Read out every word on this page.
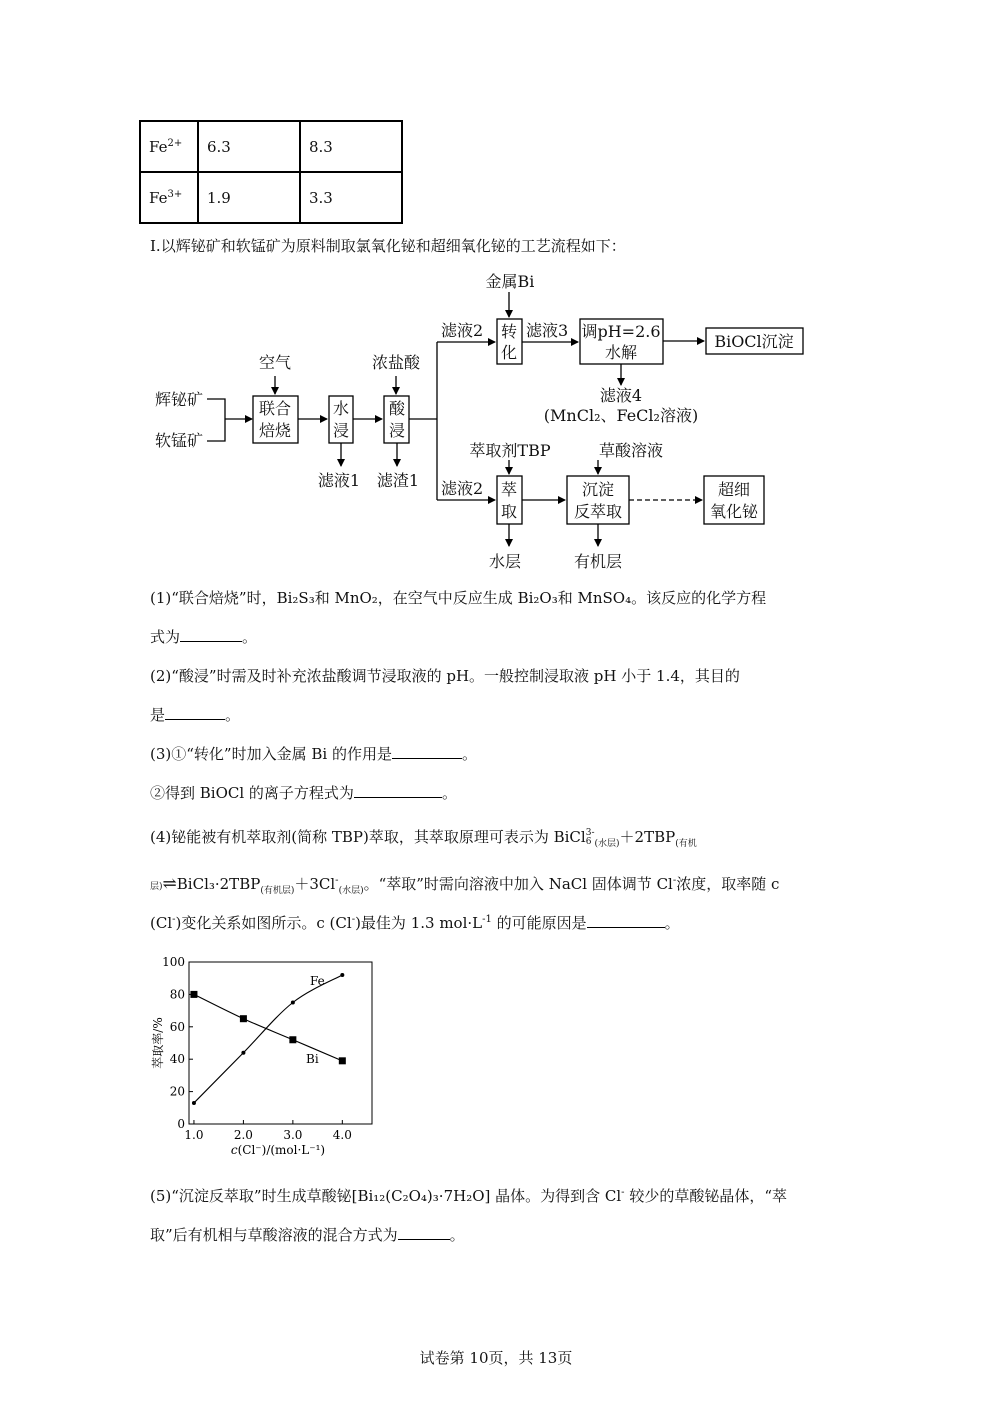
$Fe^{2+}$	6.3	8.3
$Fe^{3+}$	1.9	3.3
I.以辉铋矿和软锰矿为原料制取氯氧化铋和超细氧化铋的工艺流程如下：
辉铋矿
软锰矿
空气
联合
焙烧
水
浸
浓盐酸
酸
浸
滤液1 滤渣1
金属Bi
滤液2 转
化
滤液3 调pH=2.6
水解
BiOCl沉淀
滤液4
(MnCl₂、FeCl₂溶液)
萃取剂TBP	草酸溶液
滤液2 萃
取
沉淀
反萃取
超细
氧化铋
水层	有机层
(1)“联合焙烧”时，Bi₂S₃和 MnO₂，在空气中反应生成 Bi₂O₃和 MnSO₄。该反应的化学方程
式为	。
(2)“酸浸”时需及时补充浓盐酸调节浸取液的 pH。一般控制浸取液 pH 小于 1.4，其目的
是	。
(3)①“转化”时加入金属 Bi 的作用是	。
②得到 BiOCl 的离子方程式为	。
(4)铋能被有机萃取剂(简称 TBP)萃取，其萃取原理可表示为 BiCl 3-
6 $_{(水层)}+2TBP_{(有机}$
层)$\rightleftharpoons BiCl_3\cdot 2TBP_{(有机层)}+3Cl^-_{(水层)}$。“萃取”时需向溶液中加入 NaCl 固体调节 Cl-浓度，取率随 c
(Cl-)变化关系如图所示。c (Cl-)最佳为 1.3 $mol\cdot L^{-1}$ 的可能原因是	。
0
20
40
60
80
100
1.0	2.0	3.0	4.0
Fe
Bi
萃取率/%
c(Cl⁻)/(mol·L⁻¹)
(5)“沉淀反萃取”时生成草酸铋[Bi₁₂(C₂O₄)₃·7H₂O] 晶体。为得到含 Cl- 较少的草酸铋晶体，“萃
取”后有机相与草酸溶液的混合方式为	。
试卷第 10页，共 13页
